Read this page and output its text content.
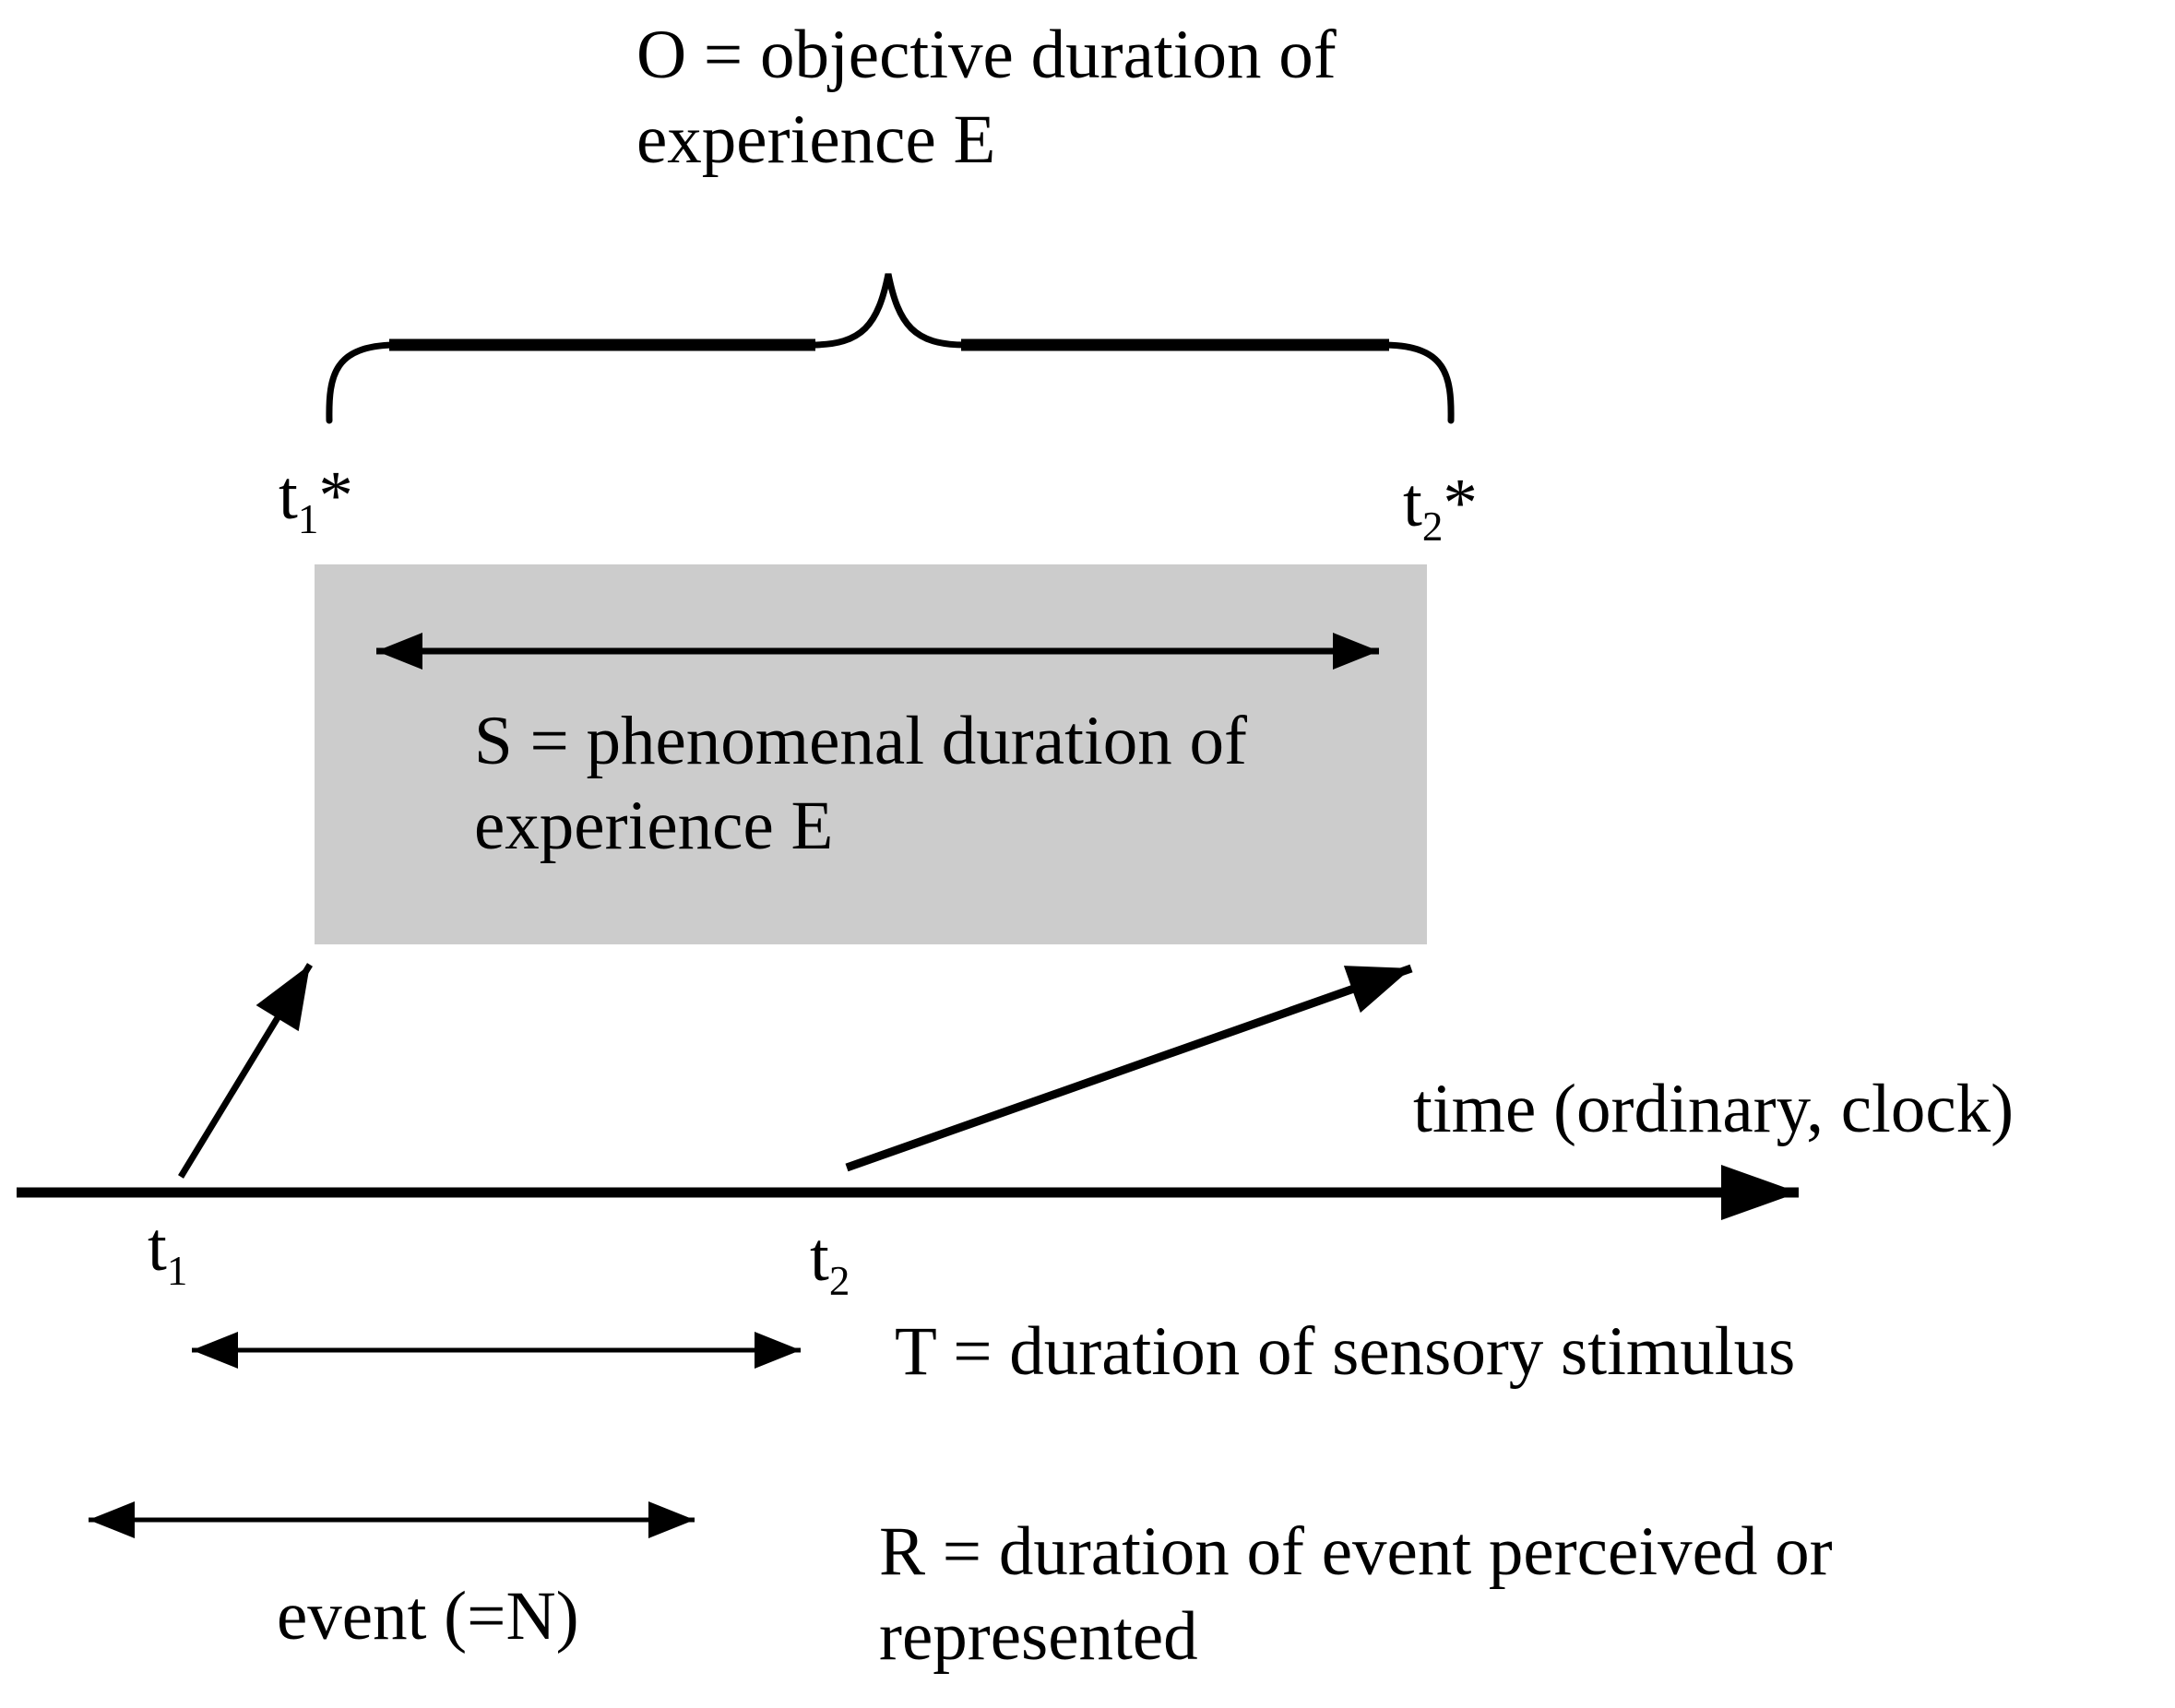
O = objective duration of
experience E
$t_1*$	$t_2*$
S = phenomenal duration of
experience E
time (ordinary, clock)
$t_1$	$t_2$
T = duration of sensory stimulus
R = duration of event perceived or
represented
event (=N)
